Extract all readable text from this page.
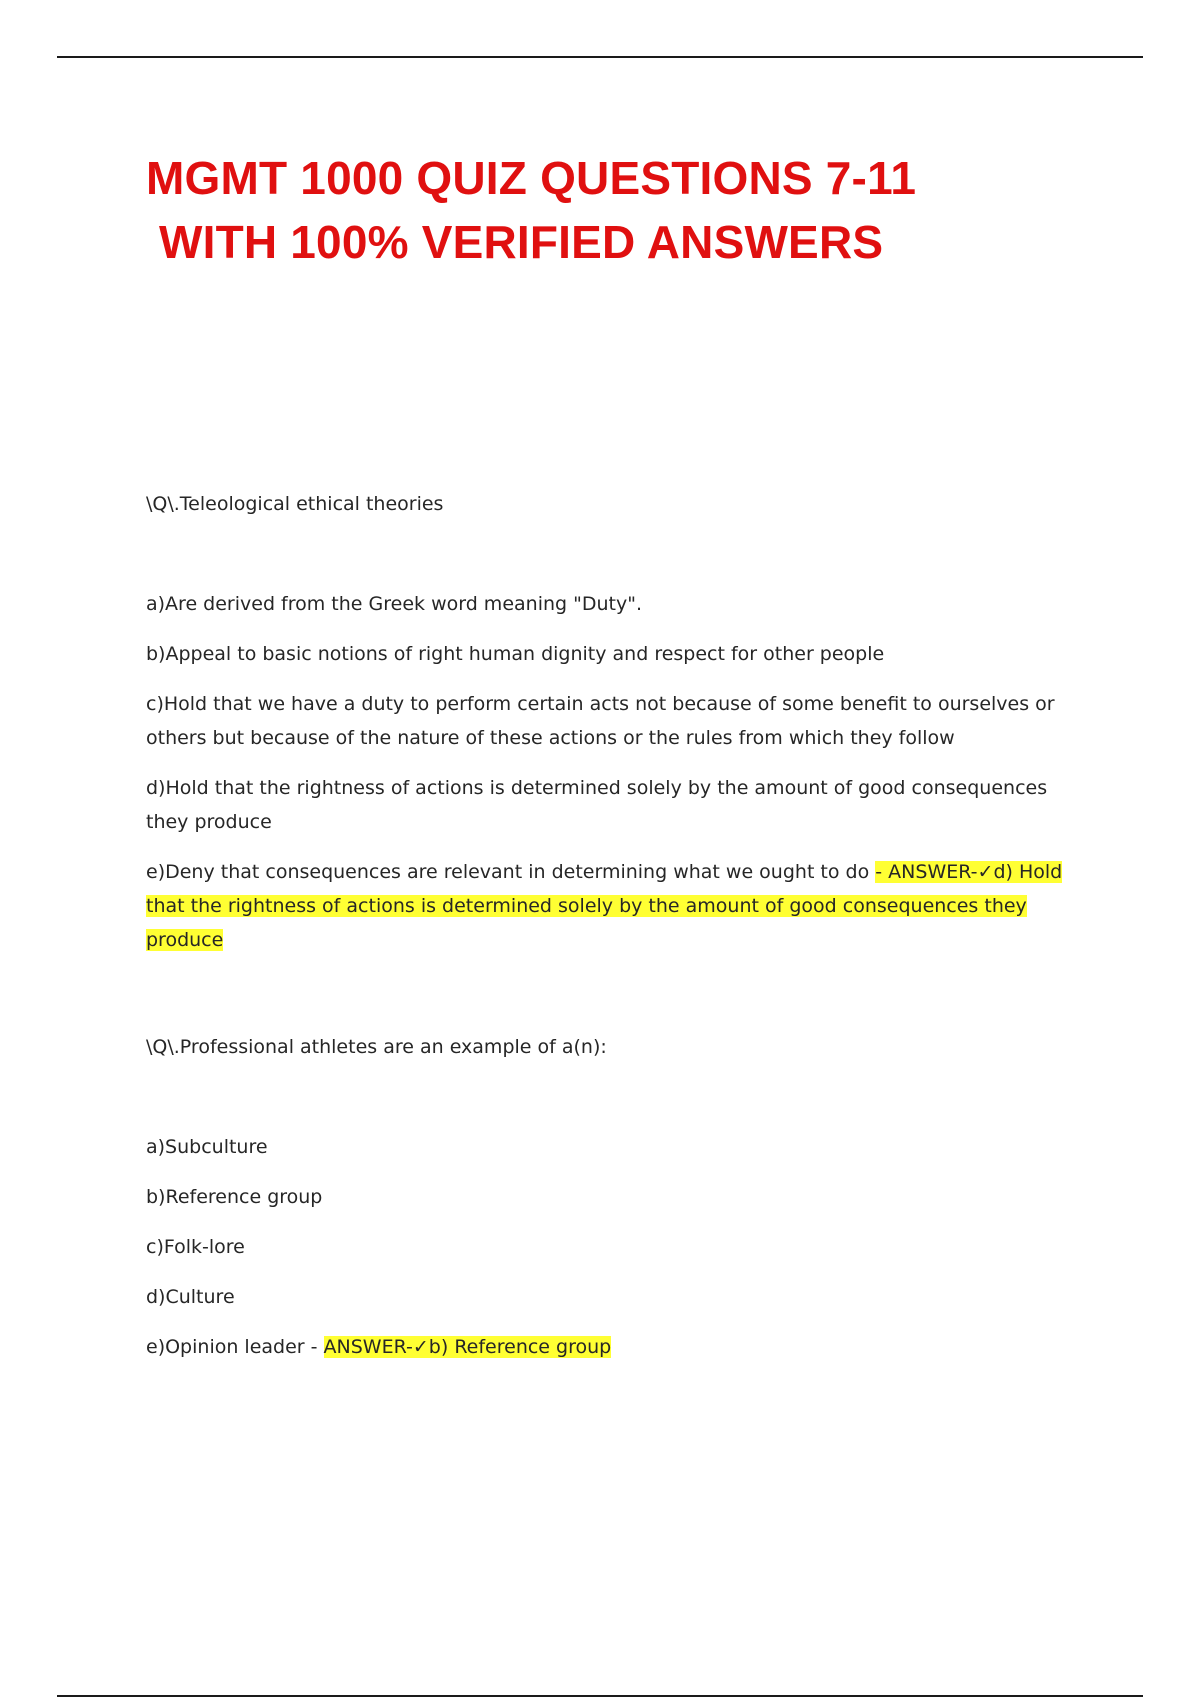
MGMT 1000 QUIZ QUESTIONS 7-11
WITH 100% VERIFIED ANSWERS

\Q\.Teleological ethical theories

a)Are derived from the Greek word meaning "Duty".
b)Appeal to basic notions of right human dignity and respect for other people
c)Hold that we have a duty to perform certain acts not because of some benefit to ourselves or others but because of the nature of these actions or the rules from which they follow
d)Hold that the rightness of actions is determined solely by the amount of good consequences they produce
e)Deny that consequences are relevant in determining what we ought to do - ANSWER-✓d) Hold that the rightness of actions is determined solely by the amount of good consequences they produce

\Q\.Professional athletes are an example of a(n):

a)Subculture
b)Reference group
c)Folk-lore
d)Culture
e)Opinion leader - ANSWER-✓b) Reference group
